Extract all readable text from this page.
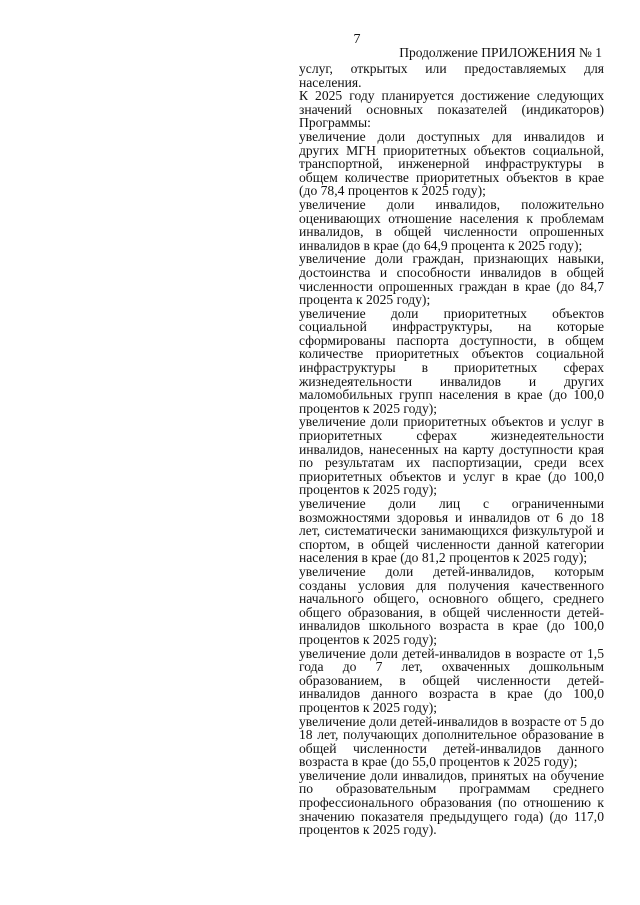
7
Продолжение ПРИЛОЖЕНИЯ № 1

услуг, открытых или предоставляемых для населения.

К 2025 году планируется достижение следующих значений основных показателей (индикаторов) Программы:

увеличение доли доступных для инвалидов и других МГН приоритетных объектов социальной, транспортной, инженерной инфраструктуры в общем количестве приоритетных объектов в крае (до 78,4 процентов к 2025 году);

увеличение доли инвалидов, положительно оценивающих отношение населения к проблемам инвалидов, в общей численности опрошенных инвалидов в крае (до 64,9 процента к 2025 году);

увеличение доли граждан, признающих навыки, достоинства и способности инвалидов в общей численности опрошенных граждан в крае (до 84,7 процента к 2025 году);

увеличение доли приоритетных объектов социальной инфраструктуры, на которые сформированы паспорта доступности, в общем количестве приоритетных объектов социальной инфраструктуры в приоритетных сферах жизнедеятельности инвалидов и других маломобильных групп населения в крае (до 100,0 процентов к 2025 году);

увеличение доли приоритетных объектов и услуг в приоритетных сферах жизнедеятельности инвалидов, нанесенных на карту доступности края по результатам их паспортизации, среди всех приоритетных объектов и услуг в крае (до 100,0 процентов к 2025 году);

увеличение доли лиц с ограниченными возможностями здоровья и инвалидов от 6 до 18 лет, систематически занимающихся физкультурой и спортом, в общей численности данной категории населения в крае (до 81,2 процентов к 2025 году);

увеличение доли детей-инвалидов, которым созданы условия для получения качественного начального общего, основного общего, среднего общего образования, в общей численности детей-инвалидов школьного возраста в крае (до 100,0 процентов к 2025 году);

увеличение доли детей-инвалидов в возрасте от 1,5 года до 7 лет, охваченных дошкольным образованием, в общей численности детей-инвалидов данного возраста в крае (до 100,0 процентов к 2025 году);

увеличение доли детей-инвалидов в возрасте от 5 до 18 лет, получающих дополнительное образование в общей численности детей-инвалидов данного возраста в крае (до 55,0 процентов к 2025 году);

увеличение доли инвалидов, принятых на обучение по образовательным программам среднего профессионального образования (по отношению к значению показателя предыдущего года) (до 117,0 процентов к 2025 году).
